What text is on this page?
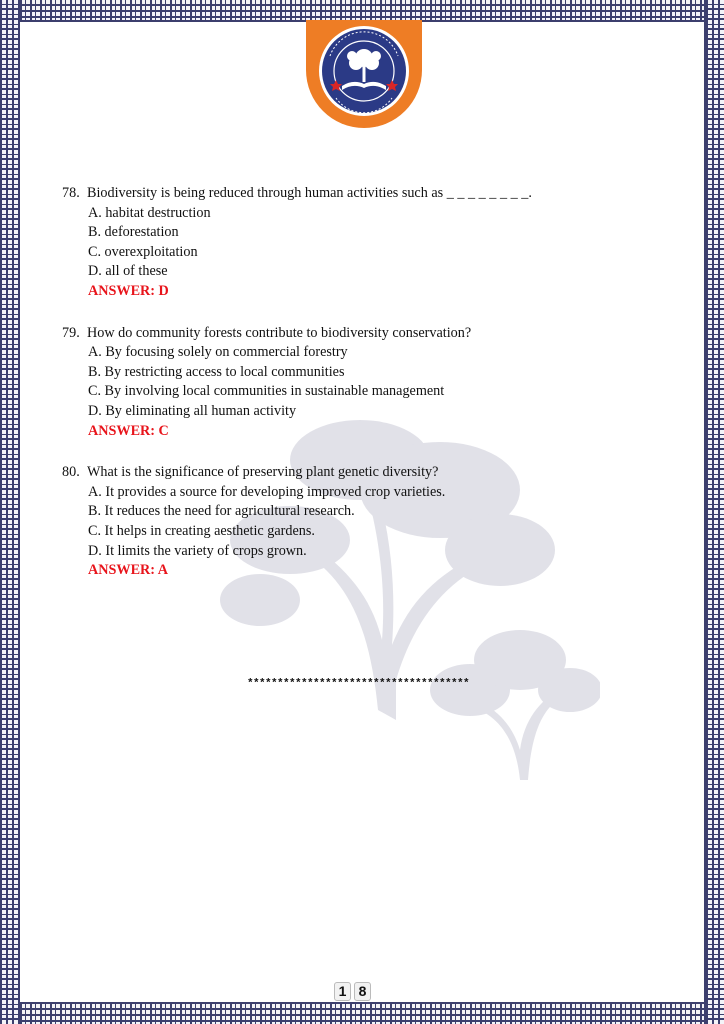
78. Biodiversity is being reduced through human activities such as _ _ _ _ _ _ _ _.
A. habitat destruction
B. deforestation
C. overexploitation
D. all of these
ANSWER: D
79. How do community forests contribute to biodiversity conservation?
A. By focusing solely on commercial forestry
B. By restricting access to local communities
C. By involving local communities in sustainable management
D. By eliminating all human activity
ANSWER: C
80. What is the significance of preserving plant genetic diversity?
A. It provides a source for developing improved crop varieties.
B. It reduces the need for agricultural research.
C. It helps in creating aesthetic gardens.
D. It limits the variety of crops grown.
ANSWER: A
*************************************
1 8
